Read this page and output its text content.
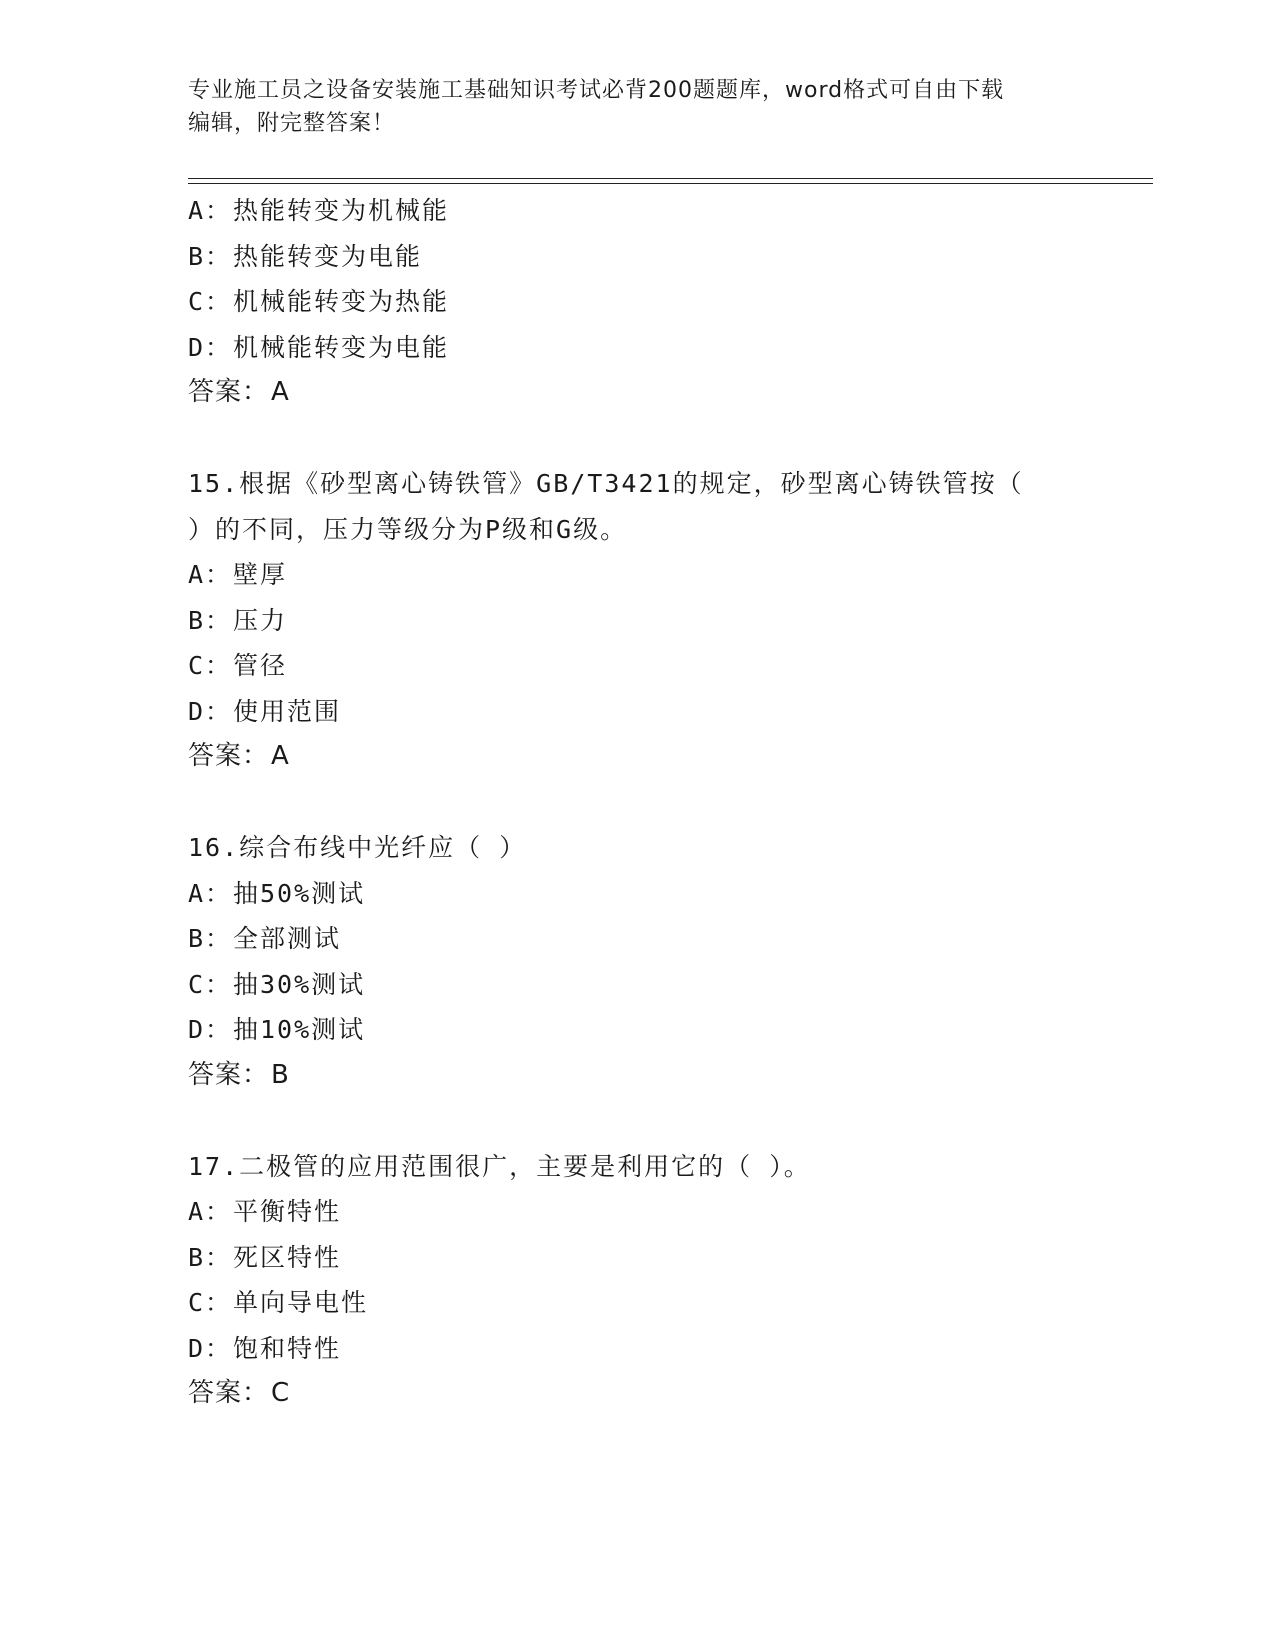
专业施工员之设备安装施工基础知识考试必背200题题库，word格式可自由下载
编辑，附完整答案！
A：热能转变为机械能
B：热能转变为电能
C：机械能转变为热能
D：机械能转变为电能
答案：A
15.根据《砂型离心铸铁管》GB/T3421的规定，砂型离心铸铁管按（
）的不同，压力等级分为P级和G级。
A：壁厚
B：压力
C：管径
D：使用范围
答案：A
16.综合布线中光纤应（ ）
A：抽50%测试
B：全部测试
C：抽30%测试
D：抽10%测试
答案：B
17.二极管的应用范围很广，主要是利用它的（ ）。
A：平衡特性
B：死区特性
C：单向导电性
D：饱和特性
答案：C
